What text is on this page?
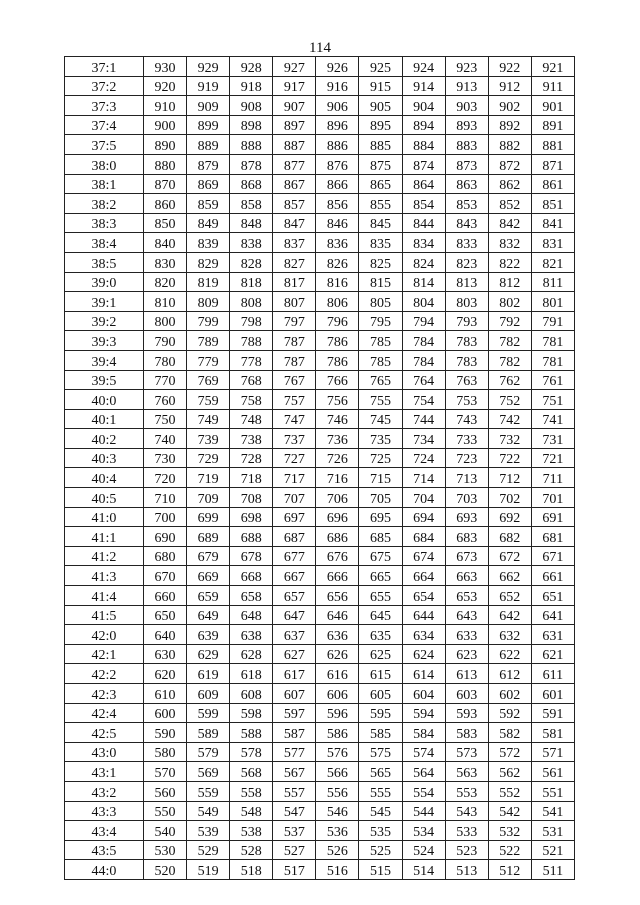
114
37:1	930	929	928	927	926	925	924	923	922	921
37:2	920	919	918	917	916	915	914	913	912	911
37:3	910	909	908	907	906	905	904	903	902	901
37:4	900	899	898	897	896	895	894	893	892	891
37:5	890	889	888	887	886	885	884	883	882	881
38:0	880	879	878	877	876	875	874	873	872	871
38:1	870	869	868	867	866	865	864	863	862	861
38:2	860	859	858	857	856	855	854	853	852	851
38:3	850	849	848	847	846	845	844	843	842	841
38:4	840	839	838	837	836	835	834	833	832	831
38:5	830	829	828	827	826	825	824	823	822	821
39:0	820	819	818	817	816	815	814	813	812	811
39:1	810	809	808	807	806	805	804	803	802	801
39:2	800	799	798	797	796	795	794	793	792	791
39:3	790	789	788	787	786	785	784	783	782	781
39:4	780	779	778	787	786	785	784	783	782	781
39:5	770	769	768	767	766	765	764	763	762	761
40:0	760	759	758	757	756	755	754	753	752	751
40:1	750	749	748	747	746	745	744	743	742	741
40:2	740	739	738	737	736	735	734	733	732	731
40:3	730	729	728	727	726	725	724	723	722	721
40:4	720	719	718	717	716	715	714	713	712	711
40:5	710	709	708	707	706	705	704	703	702	701
41:0	700	699	698	697	696	695	694	693	692	691
41:1	690	689	688	687	686	685	684	683	682	681
41:2	680	679	678	677	676	675	674	673	672	671
41:3	670	669	668	667	666	665	664	663	662	661
41:4	660	659	658	657	656	655	654	653	652	651
41:5	650	649	648	647	646	645	644	643	642	641
42:0	640	639	638	637	636	635	634	633	632	631
42:1	630	629	628	627	626	625	624	623	622	621
42:2	620	619	618	617	616	615	614	613	612	611
42:3	610	609	608	607	606	605	604	603	602	601
42:4	600	599	598	597	596	595	594	593	592	591
42:5	590	589	588	587	586	585	584	583	582	581
43:0	580	579	578	577	576	575	574	573	572	571
43:1	570	569	568	567	566	565	564	563	562	561
43:2	560	559	558	557	556	555	554	553	552	551
43:3	550	549	548	547	546	545	544	543	542	541
43:4	540	539	538	537	536	535	534	533	532	531
43:5	530	529	528	527	526	525	524	523	522	521
44:0	520	519	518	517	516	515	514	513	512	511
